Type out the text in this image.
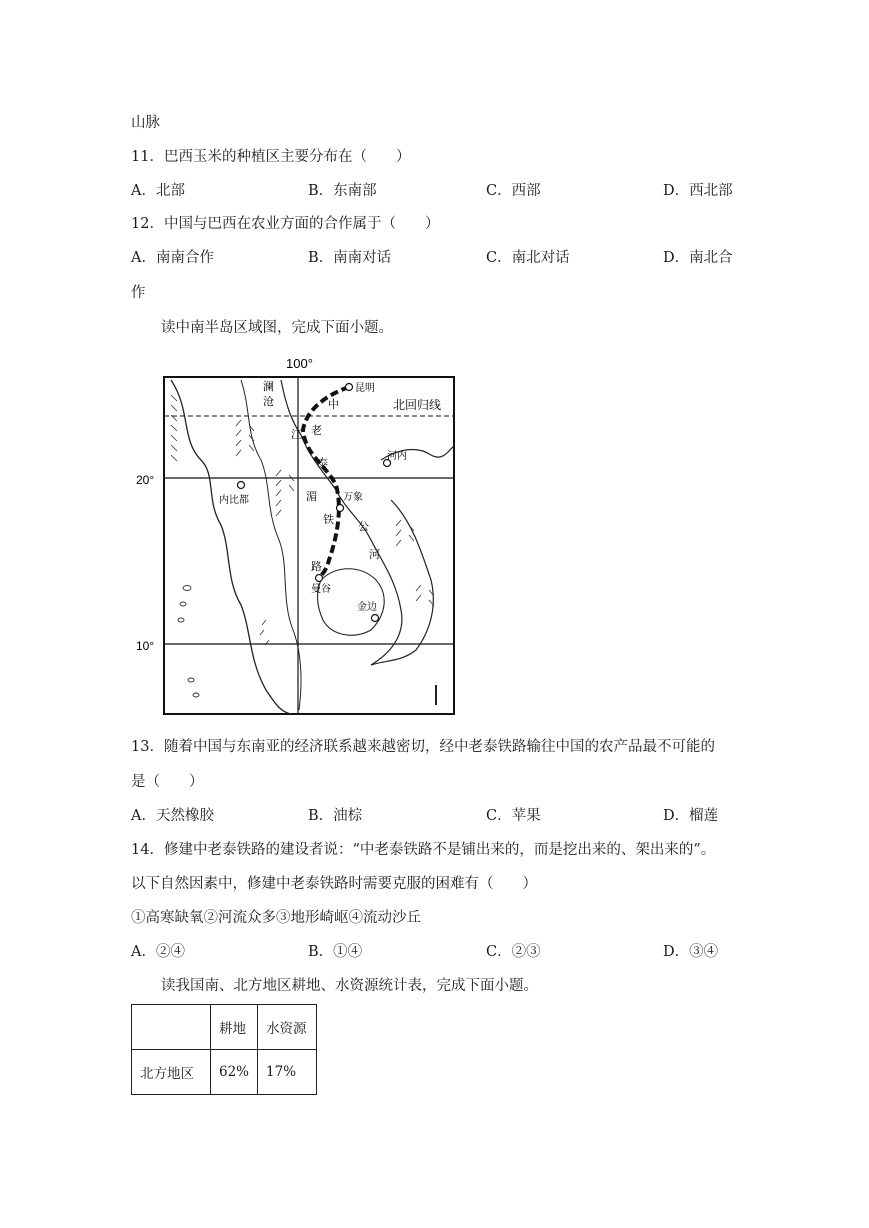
山脉
11．巴西玉米的种植区主要分布在（　　）
A．北部	B．东南部	C．西部	D．西北部
12．中国与巴西在农业方面的合作属于（　　）
A．南南合作	B．南南对话	C．南北对话	D．南北合
作
读中南半岛区域图，完成下面小题。
100°
20°
10°
北回归线
昆明
河内
内比都	万象
曼谷
金边
澜
沧
江
湄
公
河
中
老
泰
铁
路
13．随着中国与东南亚的经济联系越来越密切，经中老泰铁路输往中国的农产品最不可能的
是（　　）
A．天然橡胶	B．油棕	C．苹果	D．榴莲
14．修建中老泰铁路的建设者说：“中老泰铁路不是铺出来的，而是挖出来的、架出来的”。
以下自然因素中，修建中老泰铁路时需要克服的困难有（　　）
①高寒缺氧②河流众多③地形崎岖④流动沙丘
A．②④	B．①④	C．②③	D．③④
读我国南、北方地区耕地、水资源统计表，完成下面小题。
	耕地	水资源
北方地区	62%	17%
